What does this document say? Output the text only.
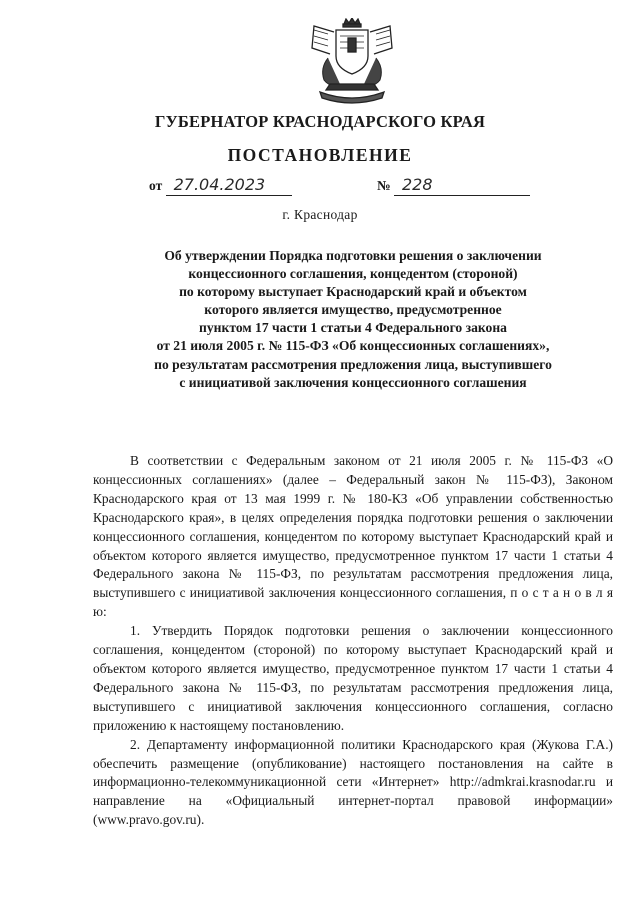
ГУБЕРНАТОР КРАСНОДАРСКОГО КРАЯ
ПОСТАНОВЛЕНИЕ
от 27.04.2023	№ 228
г. Краснодар
Об утверждении Порядка подготовки решения о заключении
концессионного соглашения, концедентом (стороной)
по которому выступает Краснодарский край и объектом
которого является имущество, предусмотренное
пунктом 17 части 1 статьи 4 Федерального закона
от 21 июля 2005 г. № 115-ФЗ «Об концессионных соглашениях»,
по результатам рассмотрения предложения лица, выступившего
с инициативой заключения концессионного соглашения

В соответствии с Федеральным законом от 21 июля 2005 г. № 115-ФЗ «О концессионных соглашениях» (далее – Федеральный закон № 115-ФЗ), Законом Краснодарского края от 13 мая 1999 г. № 180-КЗ «Об управлении собственностью Краснодарского края», в целях определения порядка подготовки решения о заключении концессионного соглашения, концедентом по которому выступает Краснодарский край и объектом которого является имущество, предусмотренное пунктом 17 части 1 статьи 4 Федерального закона № 115-ФЗ, по результатам рассмотрения предложения лица, выступившего с инициативой заключения концессионного соглашения, п о с т а н о в л я ю:

1. Утвердить Порядок подготовки решения о заключении концессионного соглашения, концедентом (стороной) по которому выступает Краснодарский край и объектом которого является имущество, предусмотренное пунктом 17 части 1 статьи 4 Федерального закона № 115-ФЗ, по результатам рассмотрения предложения лица, выступившего с инициативой заключения концессионного соглашения, согласно приложению к настоящему постановлению.

2. Департаменту информационной политики Краснодарского края (Жукова Г.А.) обеспечить размещение (опубликование) настоящего постановления на сайте в информационно-телекоммуникационной сети «Интернет» http://admkrai.krasnodar.ru и направление на «Официальный интернет-портал правовой информации» (www.pravo.gov.ru).
